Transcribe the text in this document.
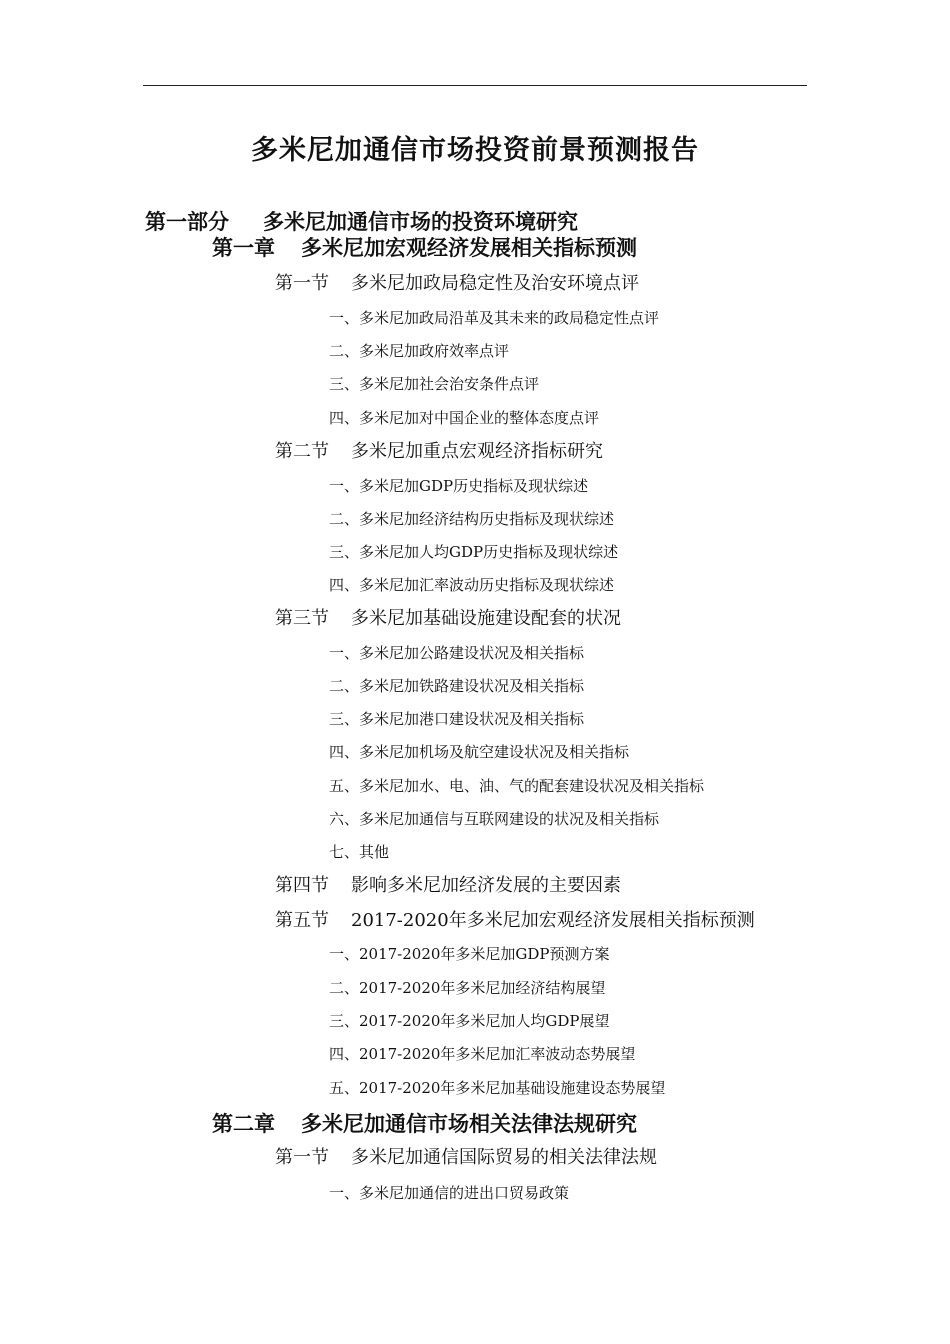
多米尼加通信市场投资前景预测报告
第一部分 多米尼加通信市场的投资环境研究
第一章 多米尼加宏观经济发展相关指标预测
第一节 多米尼加政局稳定性及治安环境点评
一、多米尼加政局沿革及其未来的政局稳定性点评
二、多米尼加政府效率点评
三、多米尼加社会治安条件点评
四、多米尼加对中国企业的整体态度点评
第二节 多米尼加重点宏观经济指标研究
一、多米尼加GDP历史指标及现状综述
二、多米尼加经济结构历史指标及现状综述
三、多米尼加人均GDP历史指标及现状综述
四、多米尼加汇率波动历史指标及现状综述
第三节 多米尼加基础设施建设配套的状况
一、多米尼加公路建设状况及相关指标
二、多米尼加铁路建设状况及相关指标
三、多米尼加港口建设状况及相关指标
四、多米尼加机场及航空建设状况及相关指标
五、多米尼加水、电、油、气的配套建设状况及相关指标
六、多米尼加通信与互联网建设的状况及相关指标
七、其他
第四节 影响多米尼加经济发展的主要因素
第五节 2017-2020年多米尼加宏观经济发展相关指标预测
一、2017-2020年多米尼加GDP预测方案
二、2017-2020年多米尼加经济结构展望
三、2017-2020年多米尼加人均GDP展望
四、2017-2020年多米尼加汇率波动态势展望
五、2017-2020年多米尼加基础设施建设态势展望
第二章 多米尼加通信市场相关法律法规研究
第一节 多米尼加通信国际贸易的相关法律法规
一、多米尼加通信的进出口贸易政策
